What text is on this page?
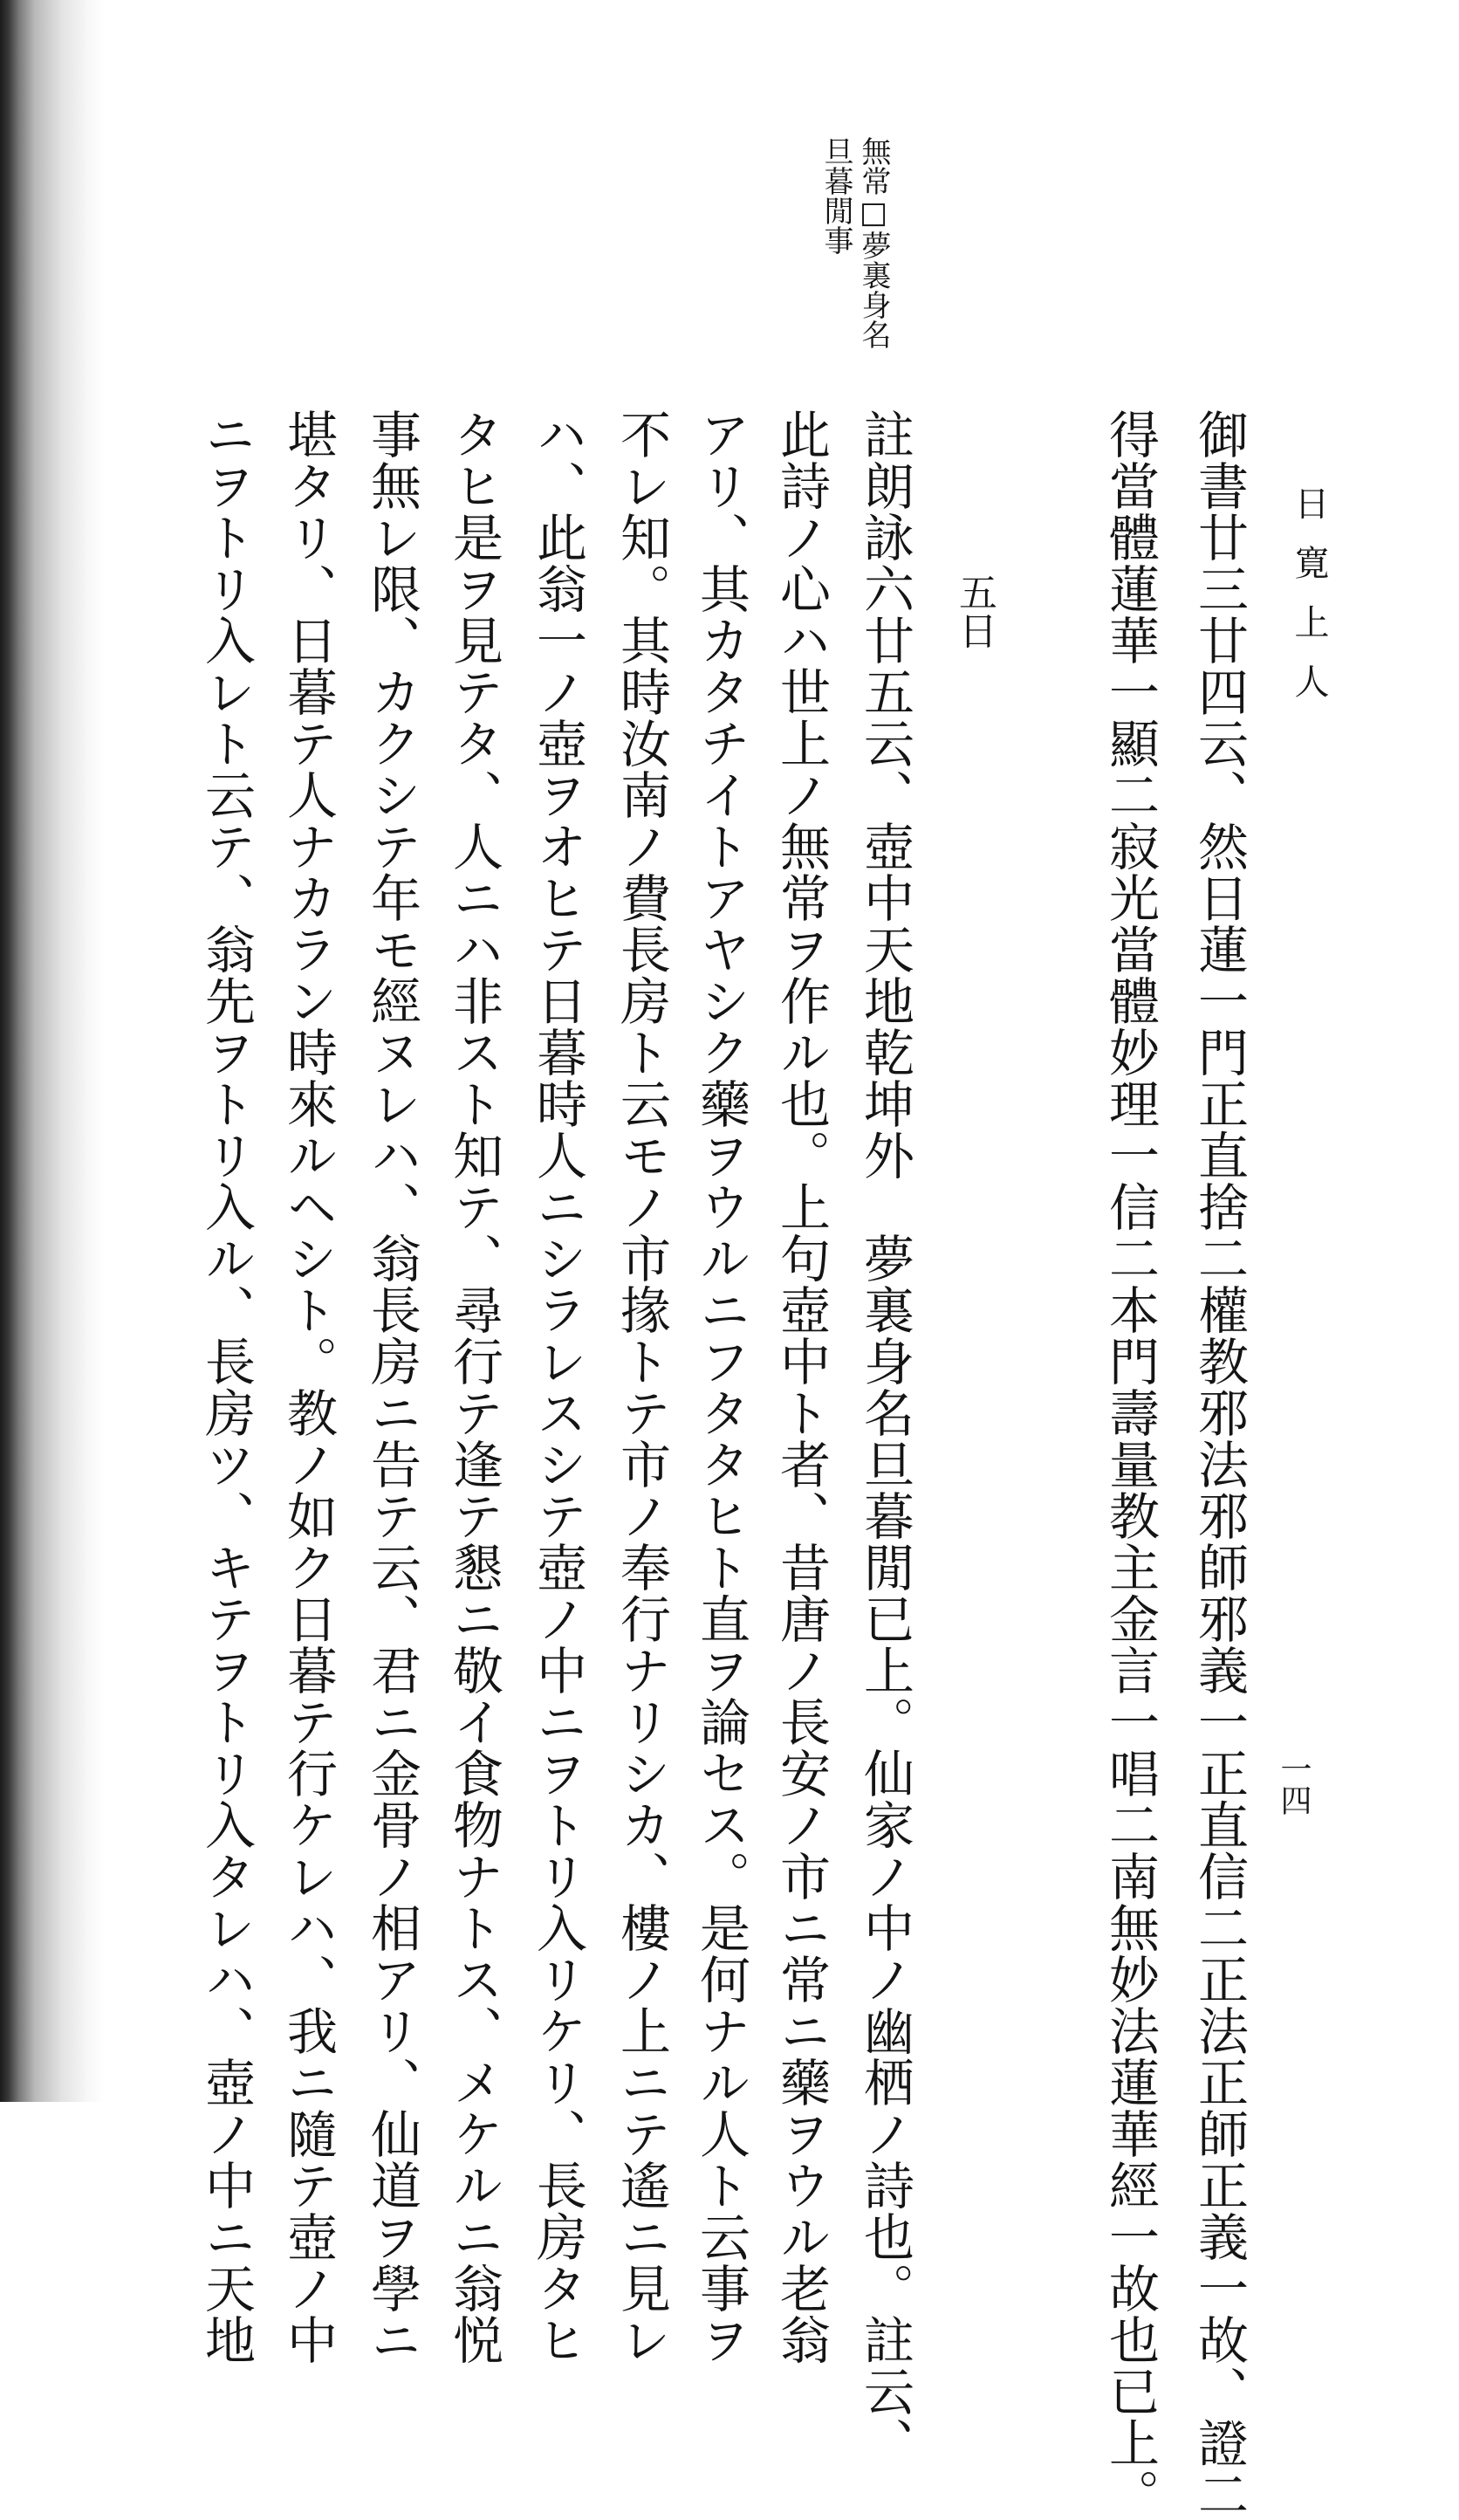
日寛上人

一四

御書廿三廿四云、然日蓮一門正直捨二權教邪法邪師邪義一正直信二正法正師正義一故、證二

得當體蓮華一顯二寂光當體妙理一信二本門壽量教主金言一唱二南無妙法蓮華經一故也已上。

五日

註朗詠六廿五云、壺中天地乾坤外　夢裏身名旦暮閒已上。仙家ノ中ノ幽栖ノ詩也。註云、

此詩ノ心ハ世上ノ無常ヲ作ル也。上句壺中ト者、昔唐ノ長安ノ市ニ常ニ藥ヲウル老翁

アリ、其カタチイトアヤシク藥ヲウルニフタタヒト直ヲ論セス。是何ナル人ト云事ヲ

不レ知。其時汝南ノ費長房ト云モノ市掾トテ市ノ奉行ナリシカ、樓ノ上ニテ遙ニ見レ

ハ、此翁一ノ壺ヲオヒテ日暮時人ニシラレスシテ壺ノ中ニヲトリ入リケリ、長房タヒ

タヒ是ヲ見テタ、人ニハ非スト知テ、尋行テ逢テ懇ニ敬イ食物ナトス、メケルニ翁悦

事無レ限、カクシテ年モ經ヌレハ、翁長房ニ告テ云、君ニ金骨ノ相アリ、仙道ヲ學ニ

堪タリ、日暮テ人ナカラン時來ルヘシト。教ノ如ク日暮テ行ケレハ、我ニ隨テ壺ノ中

ニヲトリ入レト云テ、翁先ヲトリ入ル、長房ツ、キテヲトリ入タレハ、壺ノ中ニ天地

無常□夢裏身名

旦暮閒事
